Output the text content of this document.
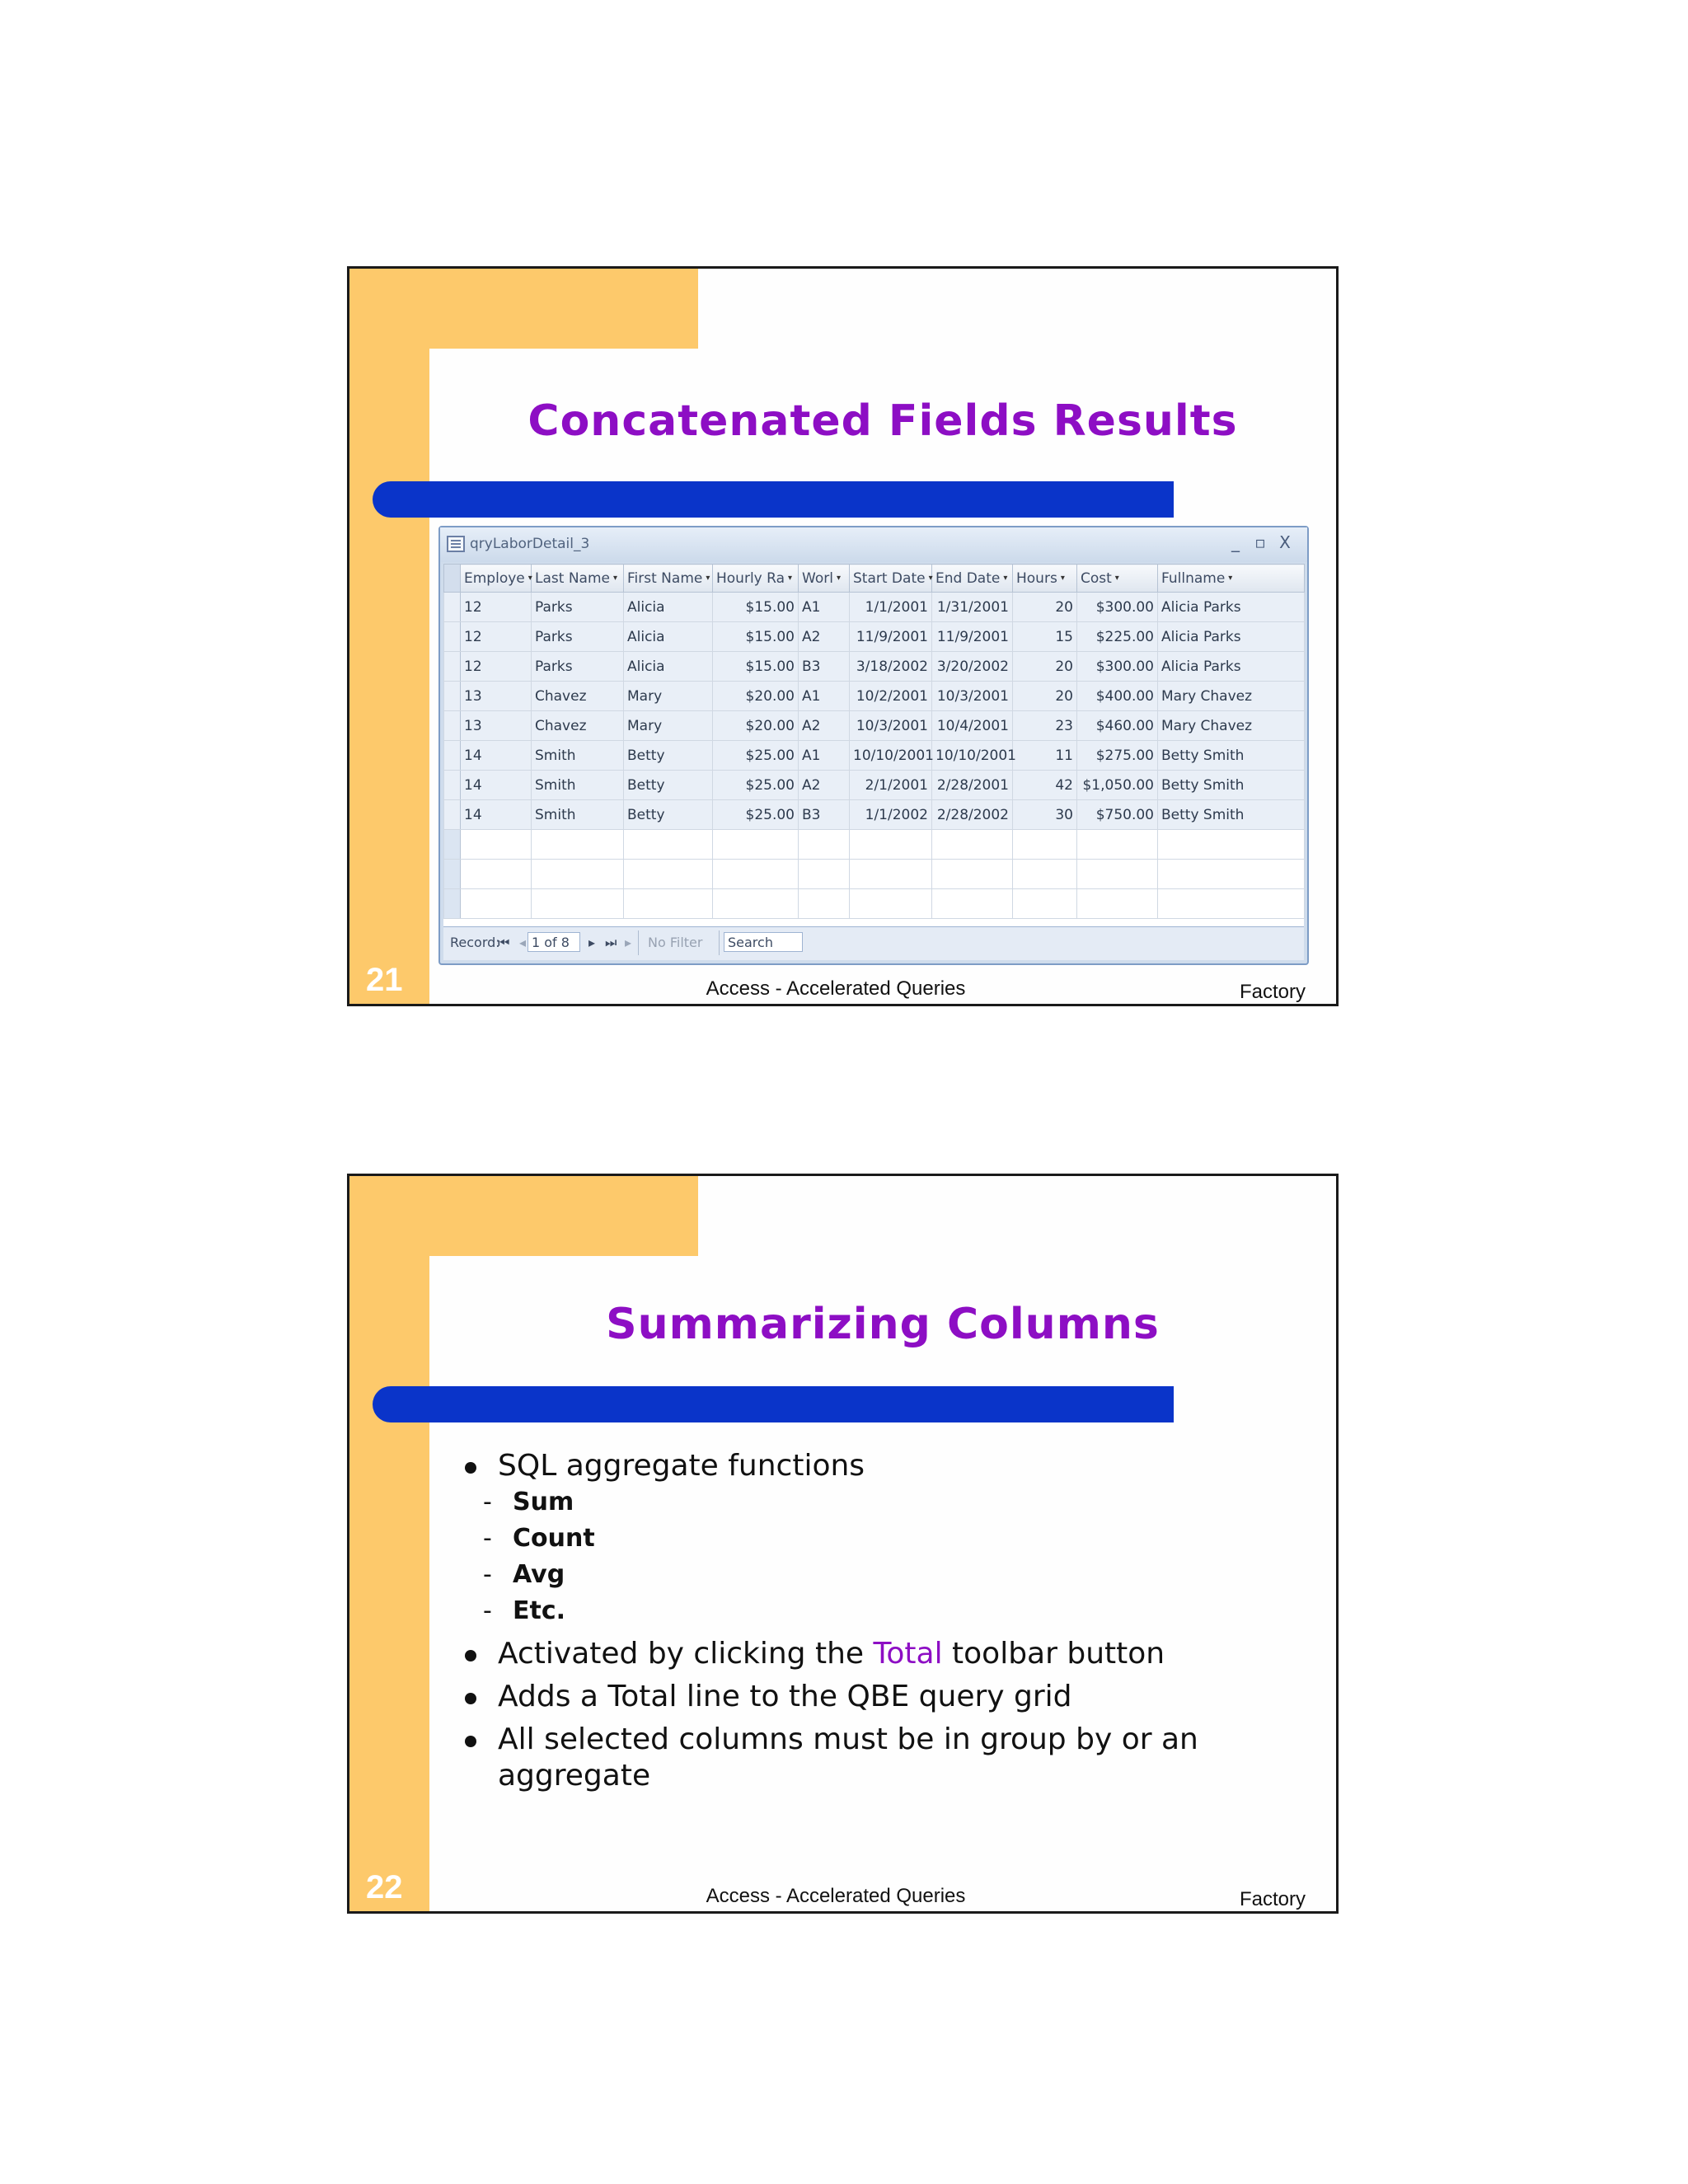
Concatenated Fields Results
qryLaborDetail_3	_ ▫ X
	Employe ▾	Last Name ▾	First Name ▾	Hourly Ra ▾	Worl ▾	Start Date ▾	End Date ▾	Hours ▾	Cost ▾	Fullname ▾
	12	Parks	Alicia	$15.00	A1	1/1/2001	1/31/2001	20	$300.00	Alicia Parks
	12	Parks	Alicia	$15.00	A2	11/9/2001	11/9/2001	15	$225.00	Alicia Parks
	12	Parks	Alicia	$15.00	B3	3/18/2002	3/20/2002	20	$300.00	Alicia Parks
	13	Chavez	Mary	$20.00	A1	10/2/2001	10/3/2001	20	$400.00	Mary Chavez
	13	Chavez	Mary	$20.00	A2	10/3/2001	10/4/2001	23	$460.00	Mary Chavez
	14	Smith	Betty	$25.00	A1	10/10/2001	10/10/2001	11	$275.00	Betty Smith
	14	Smith	Betty	$25.00	A2	2/1/2001	2/28/2001	42	$1,050.00	Betty Smith
	14	Smith	Betty	$25.00	B3	1/1/2002	2/28/2002	30	$750.00	Betty Smith

Record:
⏮ ◂ 1 of 8	▸ ⏭ ▸ No Filter	Search
21	Access - Accelerated Queries	Factory
Summarizing Columns
SQL aggregate functions
- Sum
- Count
- Avg
- Etc.
Activated by clicking the Total toolbar button
Adds a Total line to the QBE query grid
All selected columns must be in group by or an aggregate
22	Access - Accelerated Queries	Factory
